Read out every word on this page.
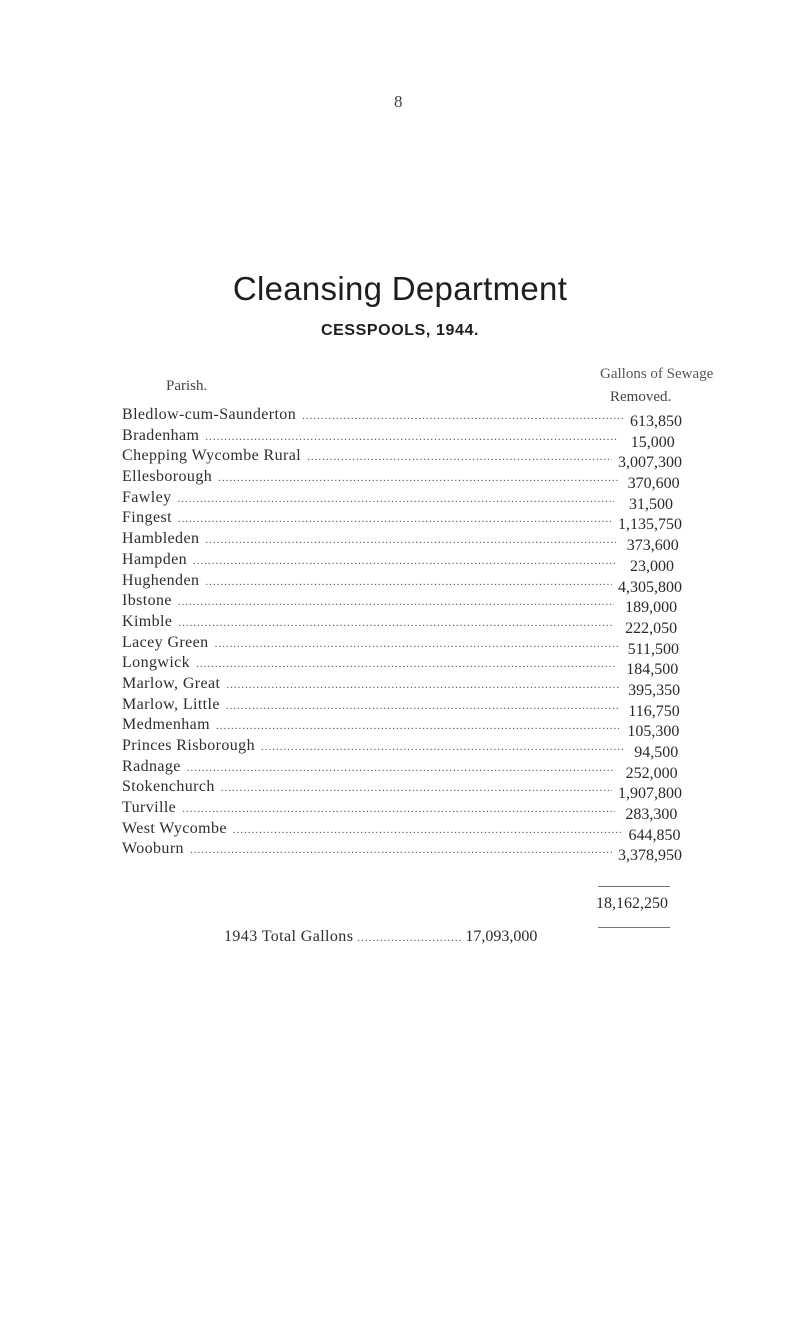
8
Cleansing Department
CESSPOOLS, 1944.
Gallons of Sewage
Parish.
Removed.
Bledlow-cum-Saunderton .....	613,850
Bradenham .....	15,000
Chepping Wycombe Rural .....	3,007,300
Ellesborough .....	370,600
Fawley .....	31,500
Fingest .....	1,135,750
Hambleden .....	373,600
Hampden .....	23,000
Hughenden .....	4,305,800
Ibstone .....	189,000
Kimble .....	222,050
Lacey Green .....	511,500
Longwick .....	184,500
Marlow, Great .....	395,350
Marlow, Little .....	116,750
Medmenham .....	105,300
Princes Risborough .....	94,500
Radnage .....	252,000
Stokenchurch .....	1,907,800
Turville .....	283,300
West Wycombe .....	644,850
Wooburn .....	3,378,950
18,162,250
1943 Total Gallons .....	17,093,000
